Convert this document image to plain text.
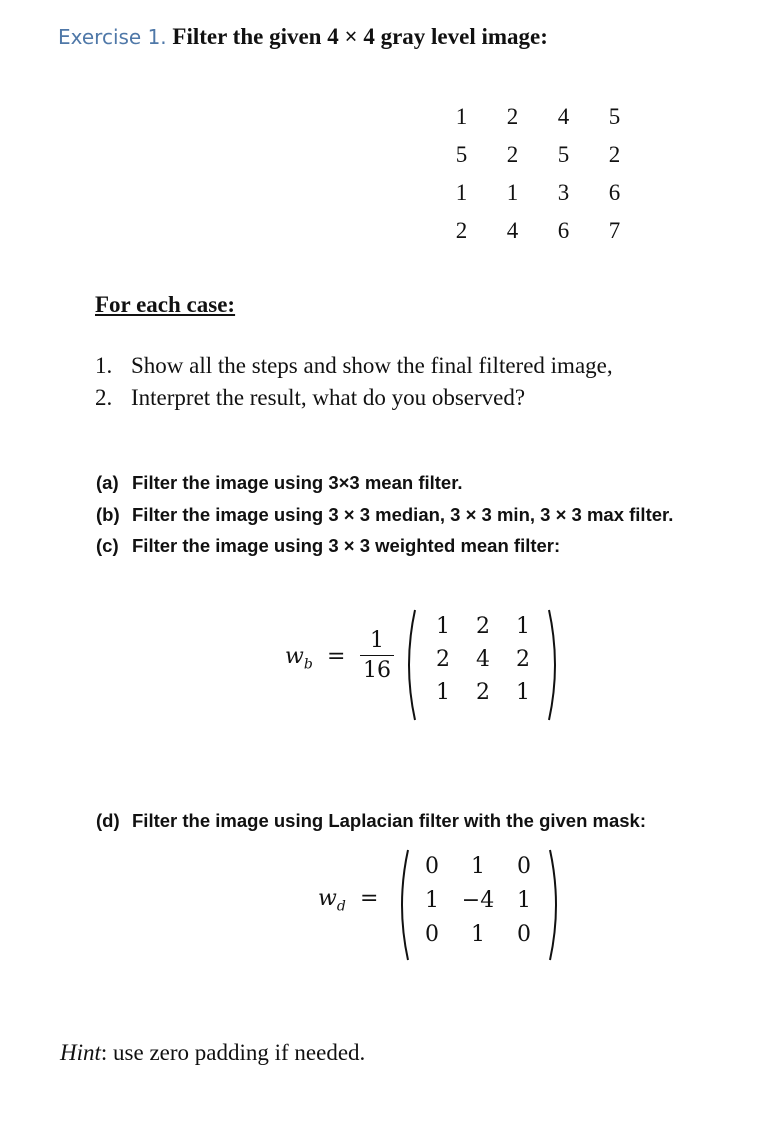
Exercise 1. Filter the given 4 × 4 gray level image:
1	2	4	5
5	2	5	2
1	1	3	6
2	4	6	7
For each case:
1. Show all the steps and show the final filtered image,
2. Interpret the result, what do you observed?
(a) Filter the image using 3×3 mean filter.
(b) Filter the image using 3 × 3 median, 3 × 3 min, 3 × 3 max filter.
(c) Filter the image using 3 × 3 weighted mean filter:
$w_b$ =
1
16
1	2	1
2	4	2
1	2	1
(d) Filter the image using Laplacian filter with the given mask:
$w_d$ =
0	1	0
1	−4	1
0	1	0
Hint: use zero padding if needed.
